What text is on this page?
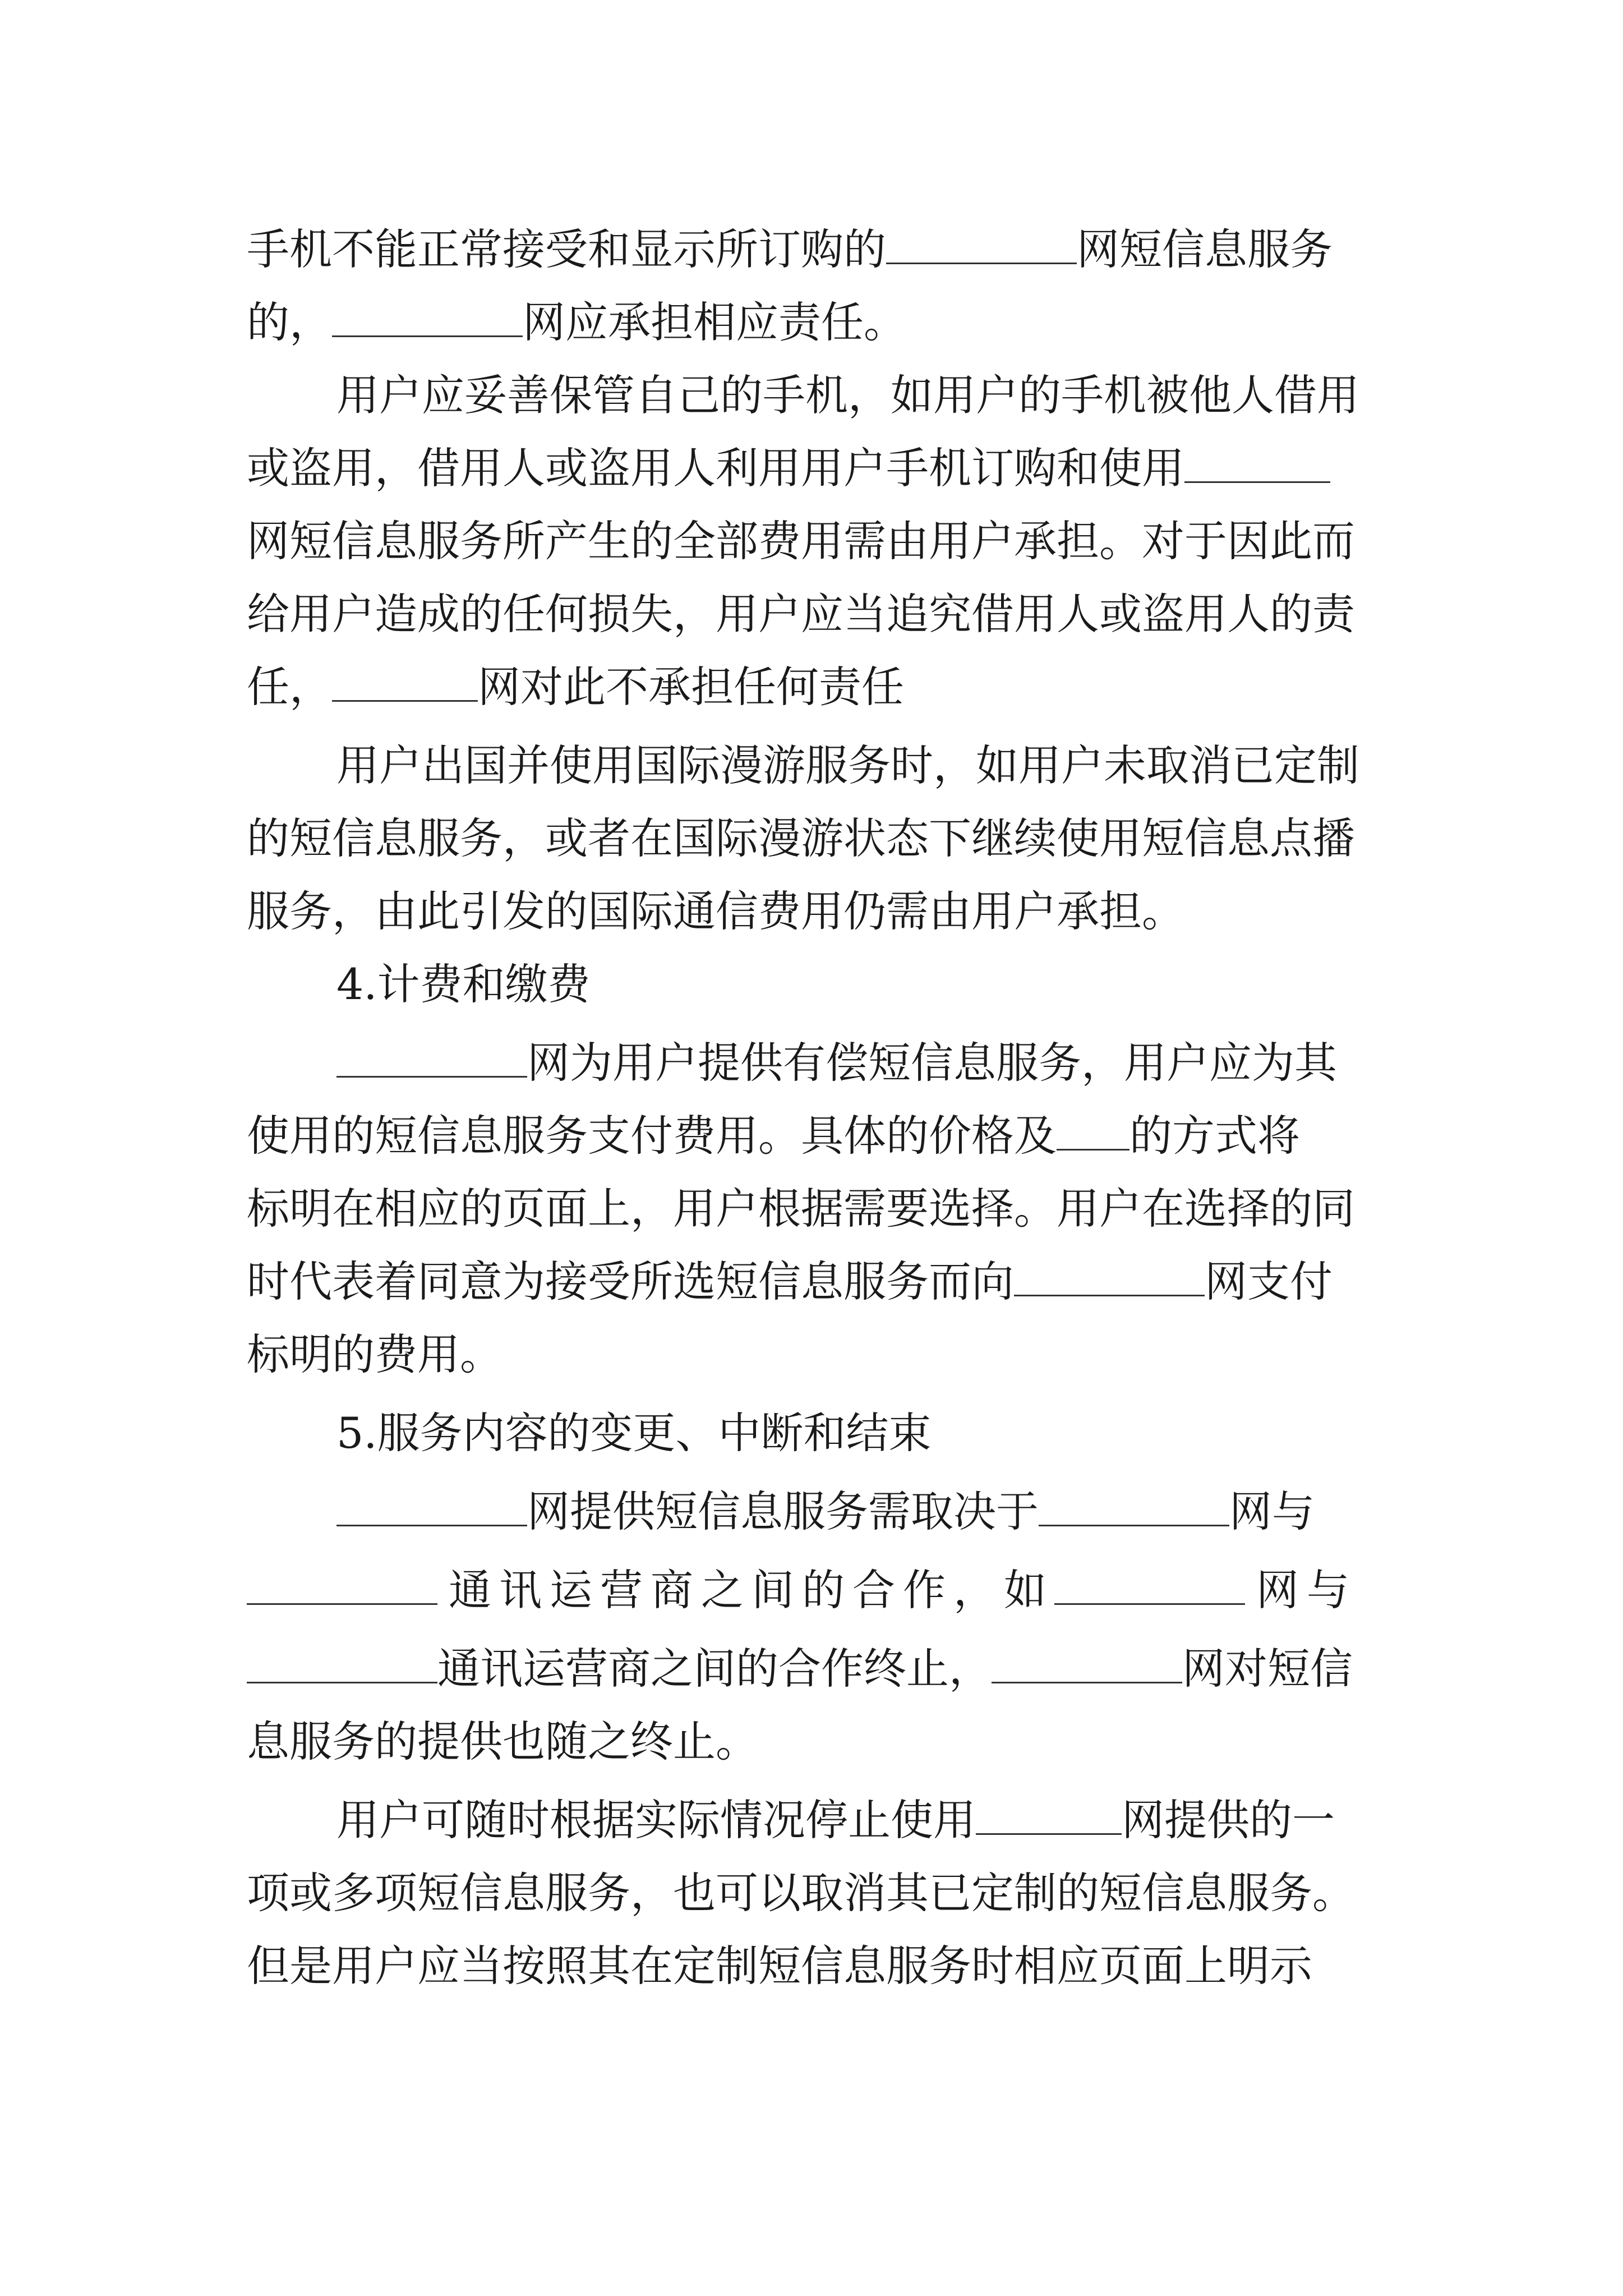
手机不能正常接受和显示所订购的	网短信息服务
的，	网应承担相应责任。
用户应妥善保管自己的手机，如用户的手机被他人借用
或盗用，借用人或盗用人利用用户手机订购和使用
网短信息服务所产生的全部费用需由用户承担。对于因此而
给用户造成的任何损失，用户应当追究借用人或盗用人的责
任，	网对此不承担任何责任
用户出国并使用国际漫游服务时，如用户未取消已定制
的短信息服务，或者在国际漫游状态下继续使用短信息点播
服务，由此引发的国际通信费用仍需由用户承担。
4.计费和缴费
网为用户提供有偿短信息服务，用户应为其
使用的短信息服务支付费用。具体的价格及 的方式将
标明在相应的页面上，用户根据需要选择。用户在选择的同
时代表着同意为接受所选短信息服务而向	网支付
标明的费用。
5.服务内容的变更、中断和结束
网提供短信息服务需取决于	网与
通讯运营商之间的合作，如	网与
通讯运营商之间的合作终止，	网对短信
息服务的提供也随之终止。
用户可随时根据实际情况停止使用	网提供的一
项或多项短信息服务，也可以取消其已定制的短信息服务。
但是用户应当按照其在定制短信息服务时相应页面上明示
